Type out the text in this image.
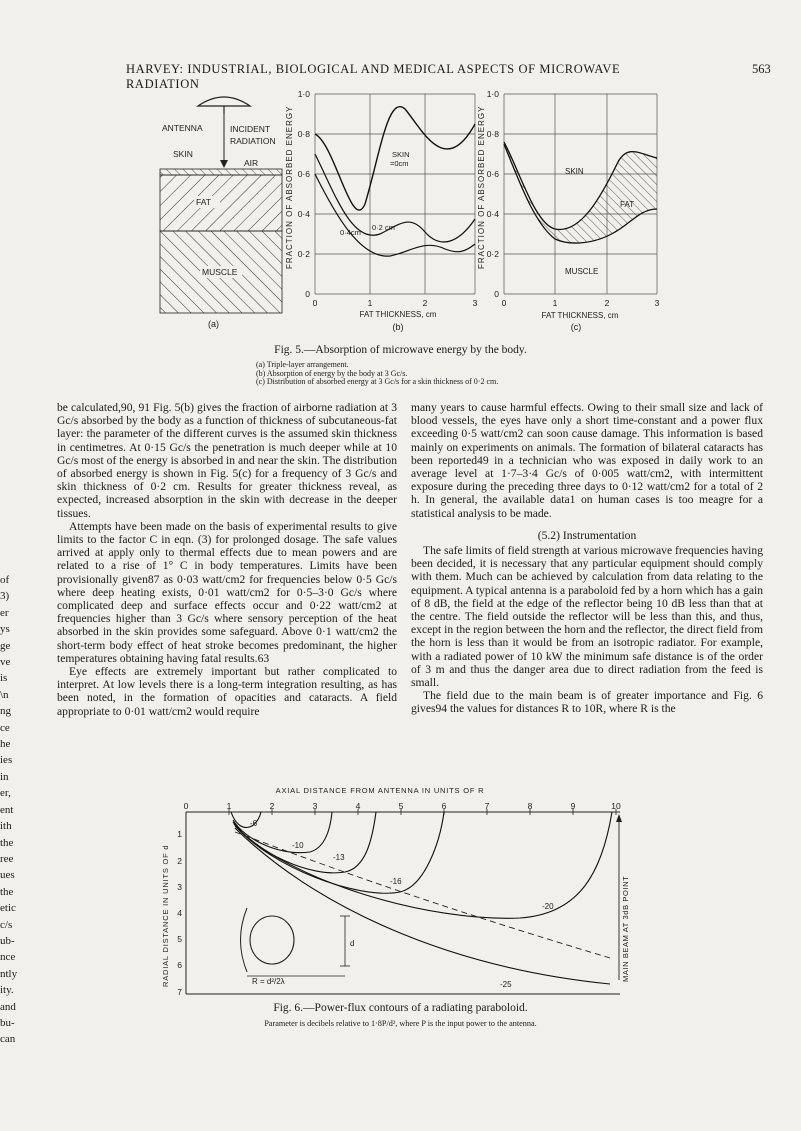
HARVEY: INDUSTRIAL, BIOLOGICAL AND MEDICAL ASPECTS OF MICROWAVE RADIATION
563
ANTENNA	INCIDENT
RADIATION
SKIN
AIR
FAT
MUSCLE
(a)
1·0
0·8
0·6
0·4
0·2
0
0	1	2	3
FRACTION OF ABSORBED ENERGY
FAT THICKNESS, cm
(b)
SKIN
=0cm
0·2 cm
0·4cm
1·0
0·8
0·6
0·4
0·2
0
0	1	2	3
FRACTION OF ABSORBED ENERGY
FAT THICKNESS, cm
(c)
SKIN
FAT
MUSCLE
Fig. 5.—Absorption of microwave energy by the body.
(a) Triple-layer arrangement.
(b) Absorption of energy by the body at 3 Gc/s.
(c) Distribution of absorbed energy at 3 Gc/s for a skin thickness of 0·2 cm.
of
3)
er
ys
ge
ve
is
\n
ng
ce
he
ies
in
er,
ent
ith
the
ree
ues
the
etic
c/s
ub-
nce
ntly
ity.
and
bu-
can

be calculated,90, 91 Fig. 5(b) gives the fraction of airborne radiation at 3 Gc/s absorbed by the body as a function of thickness of subcutaneous-fat layer: the parameter of the different curves is the assumed skin thickness in centimetres. At 0·15 Gc/s the penetration is much deeper while at 10 Gc/s most of the energy is absorbed in and near the skin. The distribution of absorbed energy is shown in Fig. 5(c) for a frequency of 3 Gc/s and skin thickness of 0·2 cm. Results for greater thickness reveal, as expected, increased absorption in the skin with decrease in the deeper tissues.

Attempts have been made on the basis of experimental results to give limits to the factor C in eqn. (3) for prolonged dosage. The safe values arrived at apply only to thermal effects due to mean powers and are related to a rise of 1° C in body temperatures. Limits have been provisionally given87 as 0·03 watt/cm2 for frequencies below 0·5 Gc/s where deep heating exists, 0·01 watt/cm2 for 0·5–3·0 Gc/s where complicated deep and surface effects occur and 0·22 watt/cm2 at frequencies higher than 3 Gc/s where sensory perception of the heat absorbed in the skin provides some safeguard. Above 0·1 watt/cm2 the short-term body effect of heat stroke becomes predominant, the higher temperatures obtaining having fatal results.63

Eye effects are extremely important but rather complicated to interpret. At low levels there is a long-term integration resulting, as has been noted, in the formation of opacities and cataracts. A field appropriate to 0·01 watt/cm2 would require

many years to cause harmful effects. Owing to their small size and lack of blood vessels, the eyes have only a short time-constant and a power flux exceeding 0·5 watt/cm2 can soon cause damage. This information is based mainly on experiments on animals. The formation of bilateral cataracts has been reported49 in a technician who was exposed in daily work to an average level at 1·7–3·4 Gc/s of 0·005 watt/cm2, with intermittent exposure during the preceding three days to 0·12 watt/cm2 for a total of 2 h. In general, the available data1 on human cases is too meagre for a statistical analysis to be made.

(5.2) Instrumentation

The safe limits of field strength at various microwave frequencies having been decided, it is necessary that any particular equipment should comply with them. Much can be achieved by calculation from data relating to the equipment. A typical antenna is a paraboloid fed by a horn which has a gain of 8 dB, the field at the edge of the reflector being 10 dB less than that at the centre. The field outside the reflector will be less than this, and thus, except in the region between the horn and the reflector, the direct field from the horn is less than it would be from an isotropic radiator. For example, with a radiated power of 10 kW the minimum safe distance is of the order of 3 m and thus the danger area due to direct radiation from the feed is small.

The field due to the main beam is of greater importance and Fig. 6 gives94 the values for distances R to 10R, where R is the

AXIAL DISTANCE FROM ANTENNA IN UNITS OF R
0	1	2	3	4	5	6	7	8	9	10
1
2
3
4
5
6
7
RADIAL DISTANCE IN UNITS OF d	MAIN BEAM AT 3dB POINT
-6
-10
-13
-16
-20
-25
d
R = d²/2λ
Fig. 6.—Power-flux contours of a radiating paraboloid.
Parameter is decibels relative to 1·8P/d², where P is the input power to the antenna.
